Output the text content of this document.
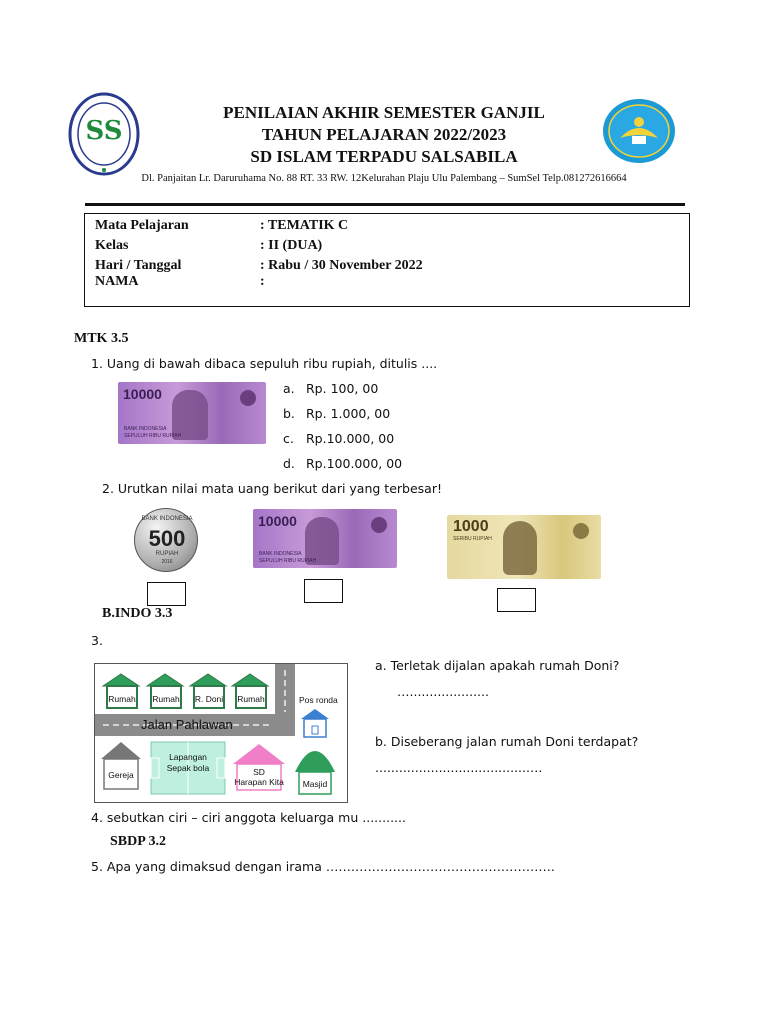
SS
PENILAIAN AKHIR SEMESTER GANJIL
TAHUN PELAJARAN 2022/2023
SD ISLAM TERPADU SALSABILA
Dl. Panjaitan Lr. Daruruhama No. 88 RT. 33 RW. 12Kelurahan Plaju Ulu Palembang – SumSel Telp.081272616664
Mata Pelajaran	: TEMATIK C
Kelas	: II (DUA)
Hari / Tanggal	: Rabu / 30 November 2022
NAMA	:
MTK 3.5
1. Uang di bawah dibaca sepuluh ribu rupiah, ditulis ....
10000
BANK INDONESIA
SEPULUH RIBU RUPIAH
a. Rp. 100, 00
b. Rp. 1.000, 00
c. Rp.10.000, 00
d. Rp.100.000, 00
2. Urutkan nilai mata uang berikut dari yang terbesar!
BANK INDONESIA
500
RUPIAH
2016
10000
BANK INDONESIA
SEPULUH RIBU RUPIAH
1000
SERIBU RUPIAH
B.INDO 3.3
3.
Rumah Rumah R. Doni Rumah	Pos ronda
Jalan Pahlawan
Gereja
Lapangan
Sepak bola	SD
Harapan Kita	Masjid
a. Terletak dijalan apakah rumah Doni?
…....................
b. Diseberang jalan rumah Doni terdapat?
.......................................…
4. sebutkan ciri – ciri anggota keluarga mu ...........
SBDP 3.2
5. Apa yang dimaksud dengan irama ……………………………………………….
